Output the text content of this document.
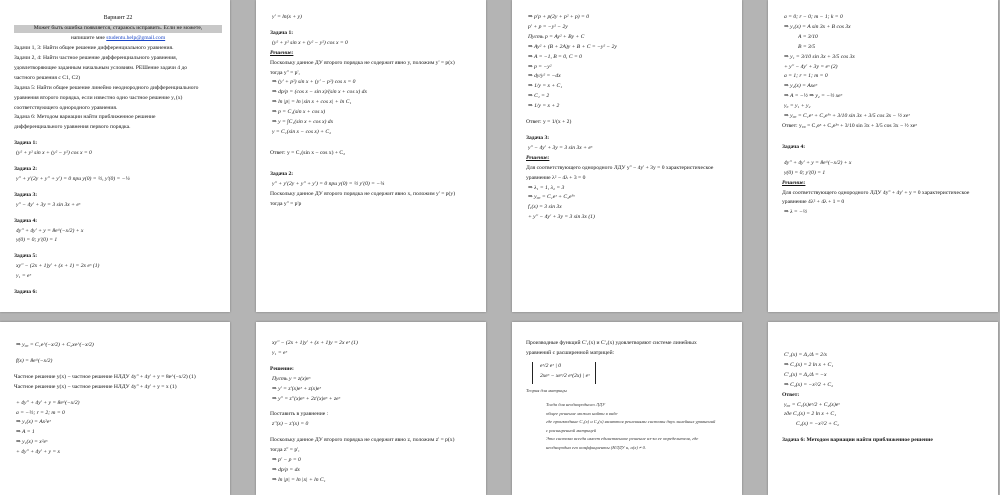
Вариант 22
Может быть ошибка появляется, стараюсь исправить. Если не можете,
напишите мне studentu.help@gmail.com
Задачи 1, 3: Найти общее решение дифференциального уравнения.
Задачи 2, 4: Найти частное решение дифференциального уравнения,
удовлетворяющее заданным начальным условиям. РЕШение задачи 4 до
частного решения с С1, С2)
Задача 5: Найти общее решение линейно неоднородного дифференциального
уравнения второго порядка, если известно одно частное решение y₁(x)
соответствующего однородного уравнения.
Задача 6: Методом вариации найти приближенное решение
дифференциального уравнения первого порядка.
Задача 1:
(y² + y² sin x + (y² − y²) cos x = 0
Задача 2:
y'' + y'(2y + y'' + y') = 0 при y(0) = ½, y'(0) = −¼
Задача 3:
y'' − 4y' + 3y = 3 sin 3x + eˣ
Задача 4:
4y'' + 4y' + y = 8e^(−x/2) + x
y(0) = 0; y'(0) = 1
Задача 5:
xy'' − (2x + 1)y' + (x + 1) = 2x eˣ (1)
y₁ = eˣ
Задача 6:
y' = ln(x + y)
Задача 1:
(y² + y² sin x + (y² − y²) cos x = 0
Решение:
Поскольку данное ДУ второго порядка не содержит явно y, положим y' = p(x)
тогда y'' = p',
⇒ (y' + p²) sin x + (y' − p²) cos x = 0
⇒ dp/p = (cos x − sin x)/(sin x + cos x) dx
⇒ ln |p| = ln |sin x + cos x| + ln C₁
⇒ p = C₁(sin x + cos x)
⇒ y = ∫C₁(sin x + cos x) dx
y = C₁(sin x − cos x) + C₂
Ответ: y = C₁(sin x − cos x) + C₂
Задача 2:
y'' + y'(2y + y'' + y') = 0 при y(0) = ½ y'(0) = −¼
Поскольку данное ДУ второго порядка не содержит явно x, положим y' = p(y)
тогда y'' = p'p
⇒ p'p + p(2y + p² + p) = 0
p' + p = −y² − 2y
Пусть p = Ay² + By + C
⇒ Ay² + (B + 2A)y + B + C = −y² − 2y
⇒ A = −1, B = 0, C = 0
⇒ p = −y²
⇒ dy/y² = −dx
⇒ 1/y = x + C₁
⇒ C₁ = 2
⇒ 1/y = x + 2
Ответ: y = 1/(x + 2)
Задача 3:
y'' − 4y' + 3y = 3 sin 3x + eˣ
Решение:
Для соответствующего однородного ЛДУ y'' − 4y' + 3y = 0 характеристическое
уравнение λ² − 4λ + 3 = 0
⇒ λ₁ = 1, λ₂ = 3
⇒ y₀₀ = C₁eˣ + C₂e³ˣ
f₁(x) = 3 sin 3x
+ y'' − 4y' + 3y = 3 sin 3x (1)
a = 0; r − 0; m − 1; k = 0
⇒ y₁(x) = A sin 3x + B cos 3x
A = 3/10
B = 3/5
⇒ y₁ = 3/10 sin 3x + 3/5 cos 3x
+ y'' − 4y' + 3y = eˣ (2)
a = 1; r = 1; m = 0
⇒ y₂(x) = Axeˣ
⇒ A = −½ ⇒ y₂ = −½ xeˣ
y₀ = y₁ + y₂
⇒ y₀₀ = C₁eˣ + C₂e³ˣ + 3/10 sin 3x + 3/5 cos 3x − ½ xeˣ
Ответ: y₀₀ = C₁eˣ + C₂e³ˣ + 3/10 sin 3x + 3/5 cos 3x − ½ xeˣ
Задача 4:
4y'' + 4y' + y = 8e^(−x/2) + x
y(0) = 0; y'(0) = 1
Решение:
Для соответствующего однородного ЛДУ 4y'' + 4y' + y = 0 характеристическое
уравнение 4λ² + 4λ + 1 = 0
⇒ λ = −½
⇒ y₀₀ = C₁e^(−x/2) + C₂xe^(−x/2)
f(x) = 8e^(−x/2)
Частное решение y(x) − частное решение НЛДУ 4y'' + 4y' + y = 8e^(−x/2) (1)
Частное решение y(x) − частное решение НЛДУ 4y'' + 4y' + y = x (1)
+ 4y'' + 4y' + y = 8e^(−x/2)
a = −½; r = 2; m = 0
⇒ y₁(x) = Ax²eˣ
⇒ A = 1
⇒ y₁(x) = x²eˣ
+ 4y'' + 4y' + y = x
xy'' − (2x + 1)y' + (x + 1)y = 2x eˣ (1)
y₁ = eˣ
Решение:
Пусть y = z(x)eˣ
⇒ y' = z'(x)eˣ + z(x)eˣ
⇒ y'' = z''(x)eˣ + 2z'(x)eˣ + zeˣ
Поставить в уравнение :
z''(x) − z'(x) = 0
Поскольку данное ДУ второго порядка не содержит явно z, положим z' = p(x)
тогда z'' = p',
⇒ p' − p = 0
⇒ dp/p = dx
⇒ ln |p| = ln |x| + ln C₁
Производные функций C'₁(x) и C'₂(x) удовлетворяют системе линейных
уравнений с расширенной матрицей:
eˣ/2 eˣ | 0
2xeˣ − xeˣ/2 eˣ(2x) | eˣ
Теория для матрицы
Тогда для неоднородного ЛДУ
общее решение можно найти в виде
где производные C₁(x) и C₂(x) являются решениями системы двух линейных уравнений
с расширенной матрицей
Эта система всегда имеет единственное решение из-за ее определителя, где
неоднородна его коэффициенты (НЛДУ и, а(x) ≠ 0.
C'₁(x) = Δ₁/Δ = 2/x
⇒ C₁(x) = 2 ln x + C₁
C'₂(x) = Δ₂/Δ = −x
⇒ C₂(x) = −x²/2 + C₂
Ответ:
y₀₀ = C₁(x)eˣ/2 + C₂(x)eˣ
где C₁(x) = 2 ln x + C₁
C₂(x) = −x²/2 + C₂
Задача 6: Методом вариации найти приближенное решение
